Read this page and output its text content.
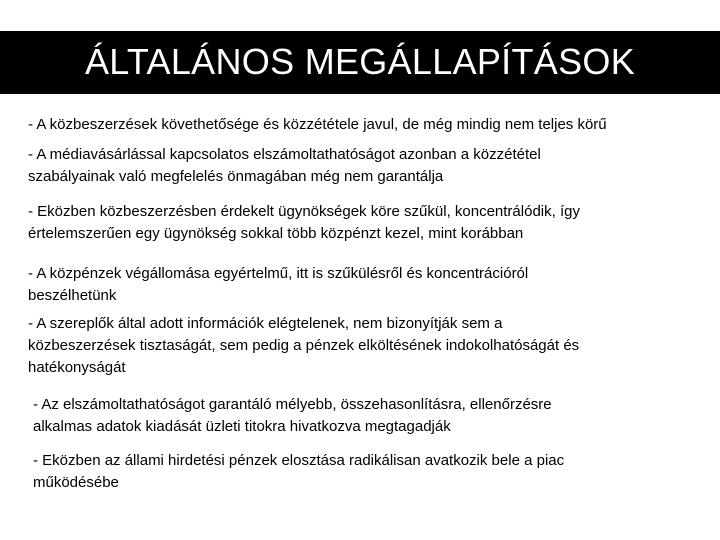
ÁLTALÁNOS MEGÁLLAPÍTÁSOK
- A közbeszerzések követhetősége és közzététele javul, de még mindig nem teljes körű
- A médiavásárlással kapcsolatos elszámoltathatóságot azonban a közzététel
szabályainak való megfelelés önmagában még nem garantálja
- Eközben közbeszerzésben érdekelt ügynökségek köre szűkül, koncentrálódik, így
értelemszerűen egy ügynökség sokkal több közpénzt kezel, mint korábban
- A közpénzek végállomása egyértelmű, itt is szűkülésről és koncentrációról
beszélhetünk
- A szereplők által adott információk elégtelenek, nem bizonyítják sem a
közbeszerzések tisztaságát, sem pedig a pénzek elköltésének indokolhatóságát és
hatékonyságát
- Az elszámoltathatóságot garantáló mélyebb, összehasonlításra, ellenőrzésre
alkalmas adatok kiadását üzleti titokra hivatkozva megtagadják
- Eközben az állami hirdetési pénzek elosztása radikálisan avatkozik bele a piac
működésébe
